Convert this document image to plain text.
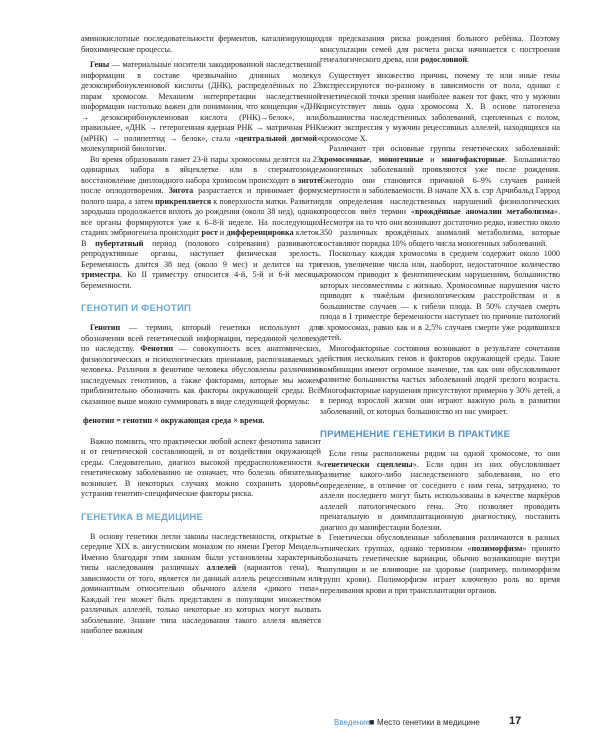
аминокислотные последовательности ферментов, катализирующих биохимические процессы.

Гены — материальные носители закодированной наследственной информации в составе чрезвычайно длинных молекул дезоксирибонуклеиновой кислоты (ДНК), распределённых по 23 парам хромосом. Механизм интерпретации наследственной информации настолько важен для понимания, что концепция «ДНК → дезоксирибонуклеиновая кислота (РНК)→белок», или, правильнее, «ДНК → гетерогенная ядерная РНК → матричная РНК (мРНК) → полипептид → белок», стала «центральной догмой» молекулярной биологии.

Во время образования гамет 23-й пары хромосомы делятся на 23 одинарных набора в яйцеклетке или в сперматозоиде, восстановление диплоидного набора хромосом происходит в зиготе после оплодотворения. Зигота разрастается и принимает форму полого шара, а затем прикрепляется к поверхности матки. Развитие зародыша продолжается вплоть до рождения (около 38 нед), однако все органы формируются уже к 6–8-й неделе. На последующих стадиях эмбриогенеза происходит рост и дифференцировка клеток. В пубертатный период (полового созревания) развиваются репродуктивные органы, наступает физическая зрелость. Беременность длится 38 нед (около 9 мес) и делится на три триместра. Ко II триместру относится 4-й, 5-й и 6-й месяцы беременности.

ГЕНОТИП И ФЕНОТИП

Генотип — термин, который генетики используют для обозначения всей генетической информации, переданной человеку по наследству. Фенотип — совокупность всех анатомических, физиологических и психологических признаков, распознаваемых у человека. Различия в фенотипе человека обусловлены различиями наследуемых генотипов, а также факторами, которые мы можем приблизительно обозначить как факторы окружающей среды. Всё сказанное выше можно суммировать в виде следующей формулы:

фенотип = генотип × окружающая среда × время.

Важно помнить, что практически любой аспект фенотипа зависит и от генетической составляющей, и от воздействия окружающей среды. Следовательно, диагноз высокой предрасположенности к генетическому заболеванию не означает, что болезнь обязательно возникнет. В некоторых случаях можно сохранить здоровье, устранив генотип-специфические факторы риска.

ГЕНЕТИКА В МЕДИЦИНЕ

В основу генетики легли законы наследственности, открытые в середине XIX в. августинским монахом по имени Грегор Мендель. Именно благодаря этим законам были установлены характерные типы наследования различных аллелей (вариантов гена), в зависимости от того, является ли данный аллель рецессивным или доминантным относительно обычного аллеля «дикого типа». Каждый ген может быть представлен в популяции множеством различных аллелей, только некоторые из которых могут вызвать заболевание. Знание типа наследования такого аллеля является наиболее важным

для предсказания риска рождения больного ребёнка. Поэтому консультации семей для расчета риска начинается с построения генеалогического древа, или родословной.

Существует множество причин, почему те или иные гены экспрессируются по-разному в зависимости от пола, однако с генетической точки зрения наиболее важен тот факт, что у мужчин присутствует лишь одна хромосома X. В основе патогенеза большинства наследственных заболеваний, сцепленных с полом, лежит экспрессия у мужчин рецессивных аллелей, находящихся на хромосоме X.

Различают три основные группы генетических заболеваний: хромосомные, моногенные и многофакторные. Большинство моногенных заболеваний проявляются уже после рождения. Ежегодно они становятся причиной 6–9% случаев ранней смертности и заболеваемости. В начале XX в. сэр Арчибальд Гаррод для определения наследственных нарушений физиологических процессов ввёл термин «врождённые аномалии метаболизма». Несмотря на то что они возникают достаточно редко, известно около 350 различных врождённых аномалий метаболизма, которые составляют порядка 10% общего числа моногенных заболеваний.

Поскольку каждая хромосома в среднем содержит около 1000 генов, увеличение числа или, наоборот, недостаточное количество хромосом приводит к фенотипическим нарушениям, большинство которых несовместимы с жизнью. Хромосомные нарушения часто приводят к тяжёлым физиологическим расстройствам и в большинстве случаев — к гибели плода. В 50% случаев смерть плода в I триместре беременности наступает по причине патологий в хромосомах, равно как и в 2,5% случаев смерти уже родившихся детей.

Многофакторные состояния возникают в результате сочетания действия нескольких генов и факторов окружающей среды. Такие комбинации имеют огромное значение, так как они обусловливают развитие большинства частых заболеваний людей зрелого возраста. Многофакторные нарушения присутствуют примерно у 30% детей, а в период взрослой жизни они играют важную роль в развитии заболеваний, от которых большинство из нас умирает.

ПРИМЕНЕНИЕ ГЕНЕТИКИ В ПРАКТИКЕ

Если гены расположены рядом на одной хромосоме, то они «генетически сцеплены». Если один из них обусловливает развитие какого-либо наследственного заболевания, но его определение, в отличие от соседнего с ним гена, затруднено, то аллели последнего могут быть использованы в качестве маркёров аллелей патологического гена. Это позволяет проводить пренатальную и доимплантационную диагностику, поставить диагноз до манифестации болезни.

Генетически обусловленные заболевания различаются в разных этнических группах, однако термином «полиморфизм» принято обозначать генетические вариации, обычно возникающие внутри популяции и не влияющие на здоровье (например, полиморфизм групп крови). Полиморфизм играет ключевую роль во время переливания крови и при трансплантации органов.

Введение
■ Место генетики в медицине	17
